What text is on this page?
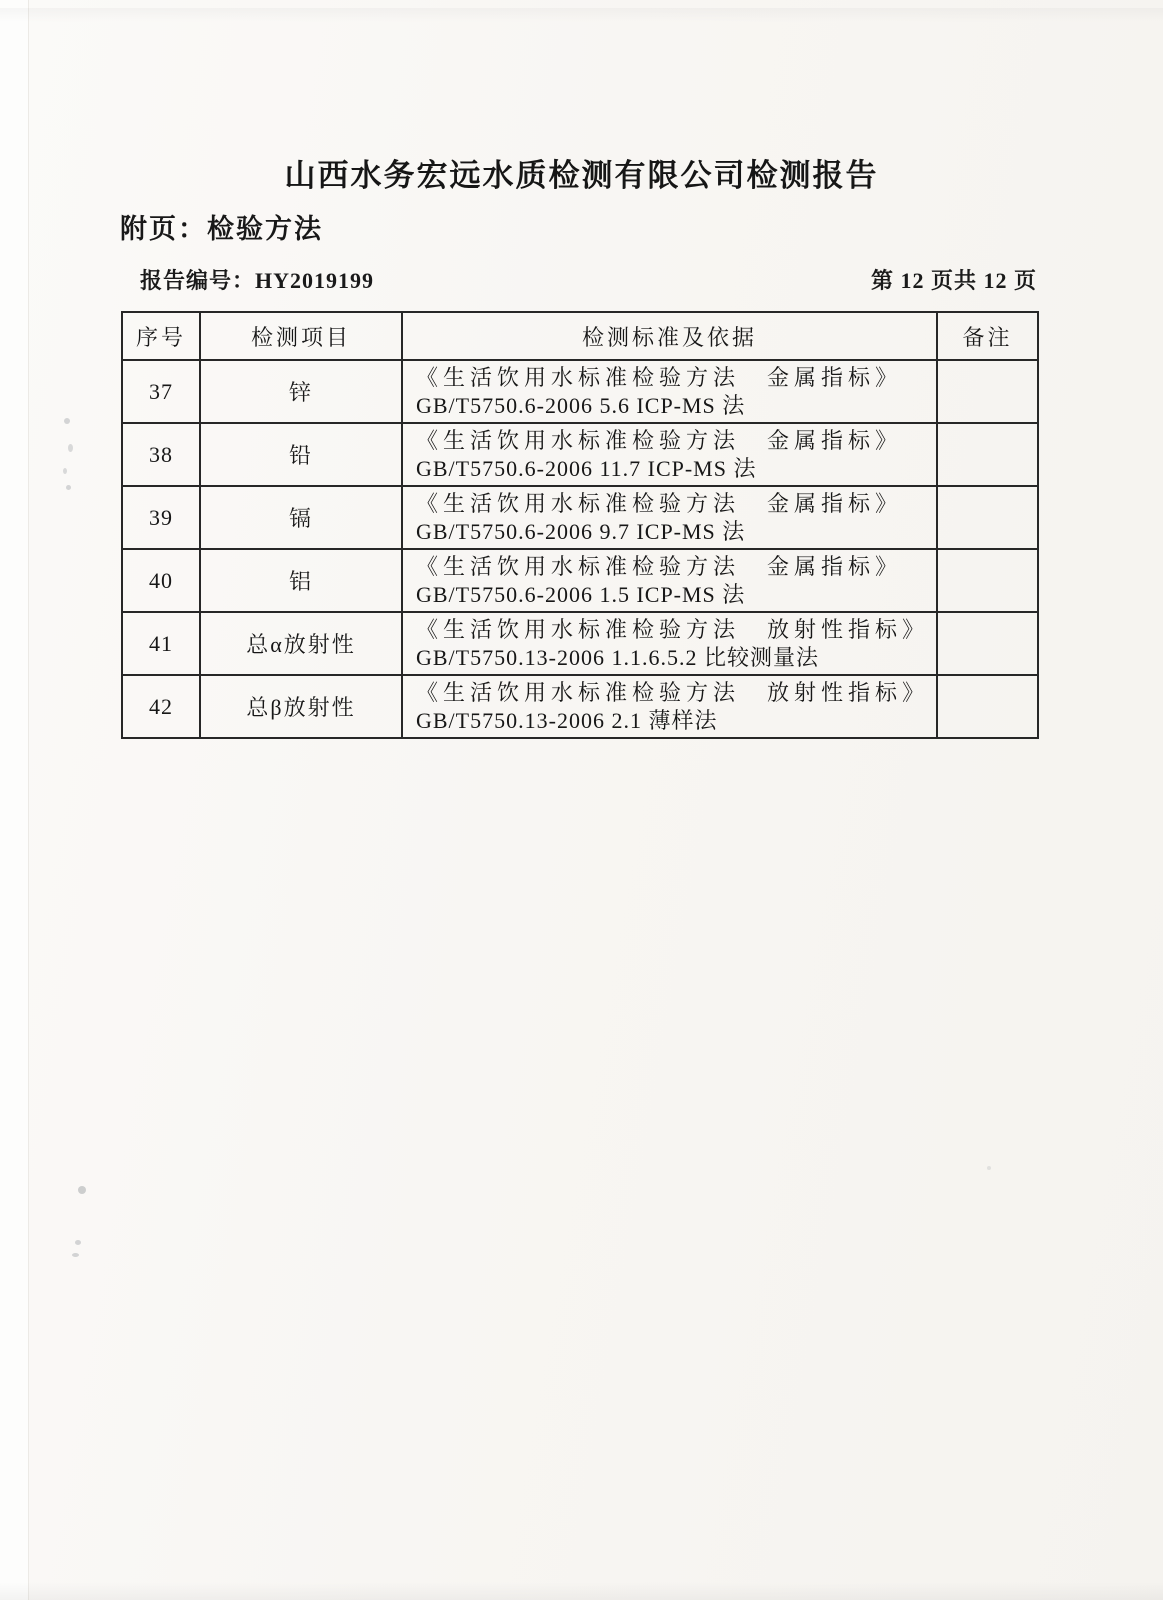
山西水务宏远水质检测有限公司检测报告
附页：检验方法
报告编号：HY2019199	第 12 页共 12 页
序号	检测项目	检测标准及依据	备注
37	锌	《生活饮用水标准检验方法　金属指标》
GB/T5750.6-2006 5.6 ICP-MS 法	

38	铅	《生活饮用水标准检验方法　金属指标》
GB/T5750.6-2006 11.7 ICP-MS 法	

39	镉	《生活饮用水标准检验方法　金属指标》
GB/T5750.6-2006 9.7 ICP-MS 法	

40	铝	《生活饮用水标准检验方法　金属指标》
GB/T5750.6-2006 1.5 ICP-MS 法	

41	总α放射性	《生活饮用水标准检验方法　放射性指标》
GB/T5750.13-2006 1.1.6.5.2 比较测量法	

42	总β放射性	《生活饮用水标准检验方法　放射性指标》
GB/T5750.13-2006 2.1 薄样法	
